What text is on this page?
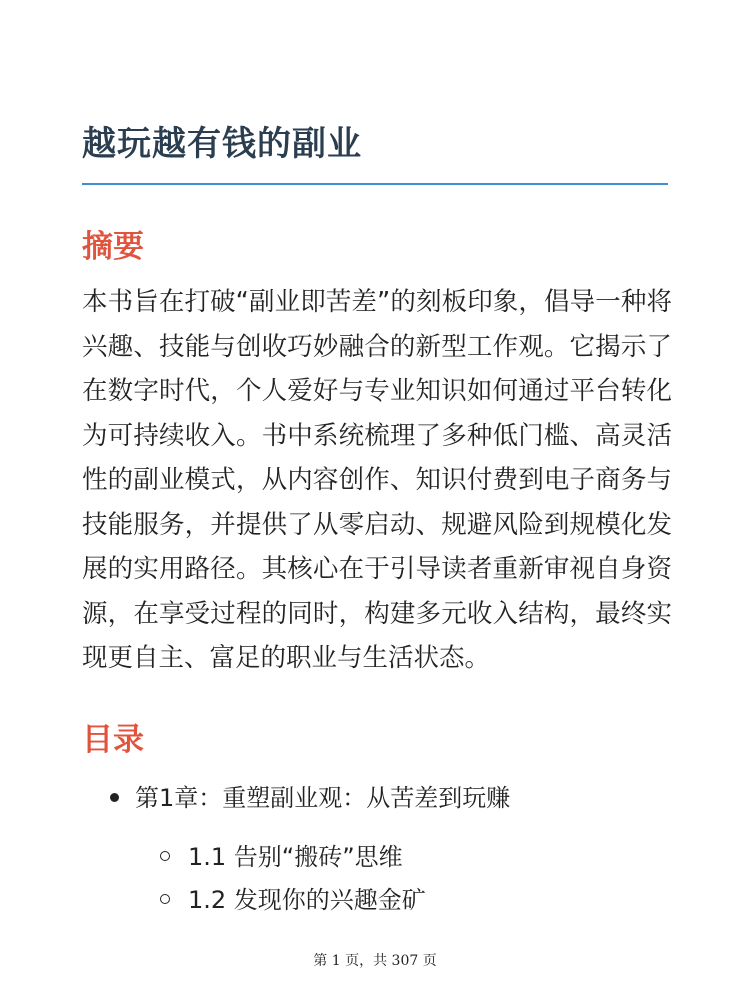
越玩越有钱的副业
摘要

本书旨在打破“副业即苦差”的刻板印象，倡导一种将兴趣、技能与创收巧妙融合的新型工作观。它揭示了在数字时代，个人爱好与专业知识如何通过平台转化为可持续收入。书中系统梳理了多种低门槛、高灵活性的副业模式，从内容创作、知识付费到电子商务与技能服务，并提供了从零启动、规避风险到规模化发展的实用路径。其核心在于引导读者重新审视自身资源，在享受过程的同时，构建多元收入结构，最终实现更自主、富足的职业与生活状态。

目录
第1章：重塑副业观：从苦差到玩赚
1.1 告别“搬砖”思维
1.2 发现你的兴趣金矿
第 1 页，共 307 页
